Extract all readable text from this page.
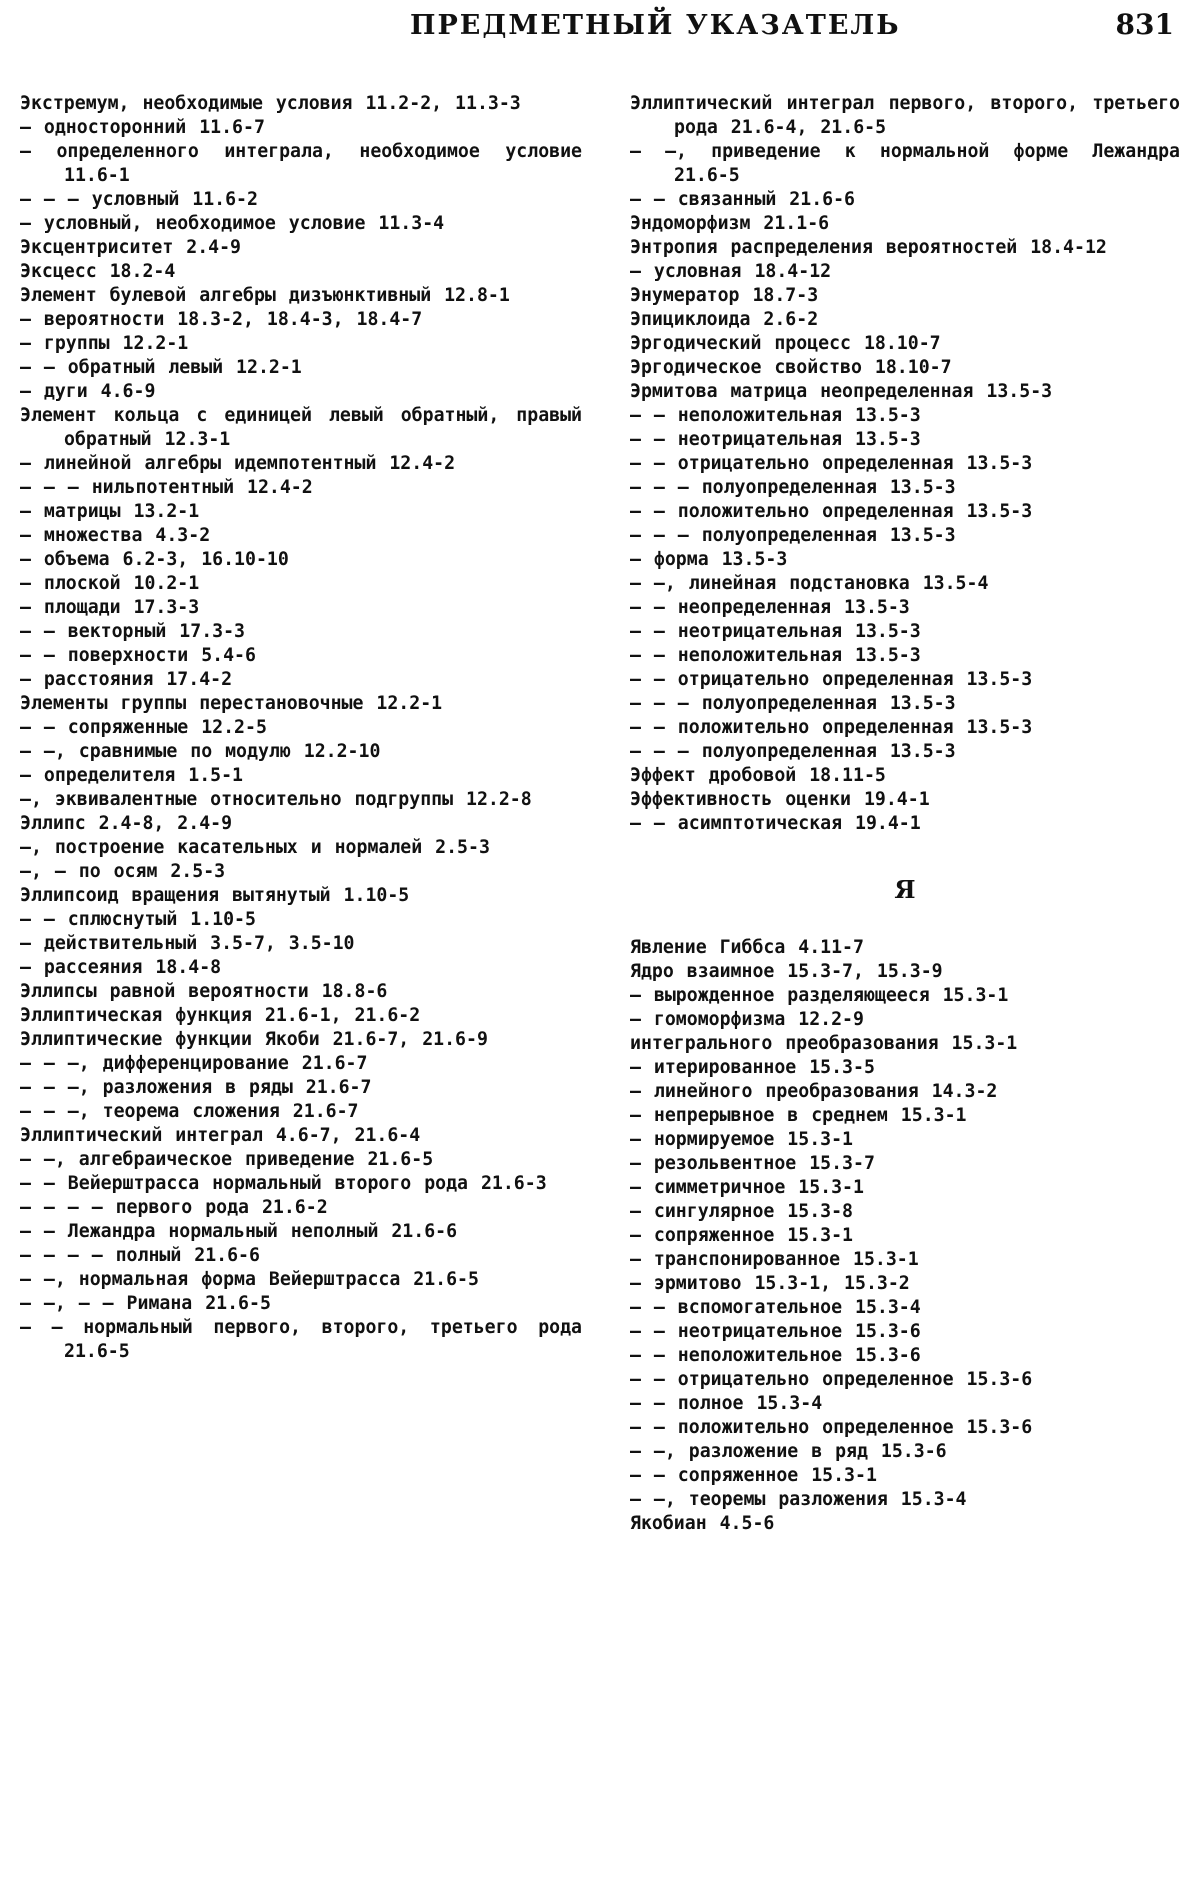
ПРЕДМЕТНЫЙ УКАЗАТЕЛЬ	831
Экстремум, необходимые условия 11.2-2, 11.3-3
— односторонний 11.6-7
— определенного интеграла, необходимое условие 11.6-1
— — — условный 11.6-2
— условный, необходимое условие 11.3-4
Эксцентриситет 2.4-9
Эксцесс 18.2-4
Элемент булевой алгебры дизъюнктивный 12.8-1
— вероятности 18.3-2, 18.4-3, 18.4-7
— группы 12.2-1
— — обратный левый 12.2-1
— дуги 4.6-9
Элемент кольца с единицей левый обратный, правый обратный 12.3-1
— линейной алгебры идемпотентный 12.4-2
— — — нильпотентный 12.4-2
— матрицы 13.2-1
— множества 4.3-2
— объема 6.2-3, 16.10-10
— плоской 10.2-1
— площади 17.3-3
— — векторный 17.3-3
— — поверхности 5.4-6
— расстояния 17.4-2
Элементы группы перестановочные 12.2-1
— — сопряженные 12.2-5
— —, сравнимые по модулю 12.2-10
— определителя 1.5-1
—, эквивалентные относительно подгруппы 12.2-8
Эллипс 2.4-8, 2.4-9
—, построение касательных и нормалей 2.5-3
—, — по осям 2.5-3
Эллипсоид вращения вытянутый 1.10-5
— — сплюснутый 1.10-5
— действительный 3.5-7, 3.5-10
— рассеяния 18.4-8
Эллипсы равной вероятности 18.8-6
Эллиптическая функция 21.6-1, 21.6-2
Эллиптические функции Якоби 21.6-7, 21.6-9
— — —, дифференцирование 21.6-7
— — —, разложения в ряды 21.6-7
— — —, теорема сложения 21.6-7
Эллиптический интеграл 4.6-7, 21.6-4
— —, алгебраическое приведение 21.6-5
— — Вейерштрасса нормальный второго рода 21.6-3
— — — — первого рода 21.6-2
— — Лежандра нормальный неполный 21.6-6
— — — — полный 21.6-6
— —, нормальная форма Вейерштрасса 21.6-5
— —, — — Римана 21.6-5
— — нормальный первого, второго, третьего рода 21.6-5
Эллиптический интеграл первого, второго, третьего рода 21.6-4, 21.6-5
— —, приведение к нормальной форме Лежандра 21.6-5
— — связанный 21.6-6
Эндоморфизм 21.1-6
Энтропия распределения вероятностей 18.4-12
— условная 18.4-12
Энумератор 18.7-3
Эпициклоида 2.6-2
Эргодический процесс 18.10-7
Эргодическое свойство 18.10-7
Эрмитова матрица неопределенная 13.5-3
— — неположительная 13.5-3
— — неотрицательная 13.5-3
— — отрицательно определенная 13.5-3
— — — полуопределенная 13.5-3
— — положительно определенная 13.5-3
— — — полуопределенная 13.5-3
— форма 13.5-3
— —, линейная подстановка 13.5-4
— — неопределенная 13.5-3
— — неотрицательная 13.5-3
— — неположительная 13.5-3
— — отрицательно определенная 13.5-3
— — — полуопределенная 13.5-3
— — положительно определенная 13.5-3
— — — полуопределенная 13.5-3
Эффект дробовой 18.11-5
Эффективность оценки 19.4-1
— — асимптотическая 19.4-1
Я
Явление Гиббса 4.11-7
Ядро взаимное 15.3-7, 15.3-9
— вырожденное разделяющееся 15.3-1
— гомоморфизма 12.2-9
интегрального преобразования 15.3-1
— итерированное 15.3-5
— линейного преобразования 14.3-2
— непрерывное в среднем 15.3-1
— нормируемое 15.3-1
— резольвентное 15.3-7
— симметричное 15.3-1
— сингулярное 15.3-8
— сопряженное 15.3-1
— транспонированное 15.3-1
— эрмитово 15.3-1, 15.3-2
— — вспомогательное 15.3-4
— — неотрицательное 15.3-6
— — неположительное 15.3-6
— — отрицательно определенное 15.3-6
— — полное 15.3-4
— — положительно определенное 15.3-6
— —, разложение в ряд 15.3-6
— — сопряженное 15.3-1
— —, теоремы разложения 15.3-4
Якобиан 4.5-6
